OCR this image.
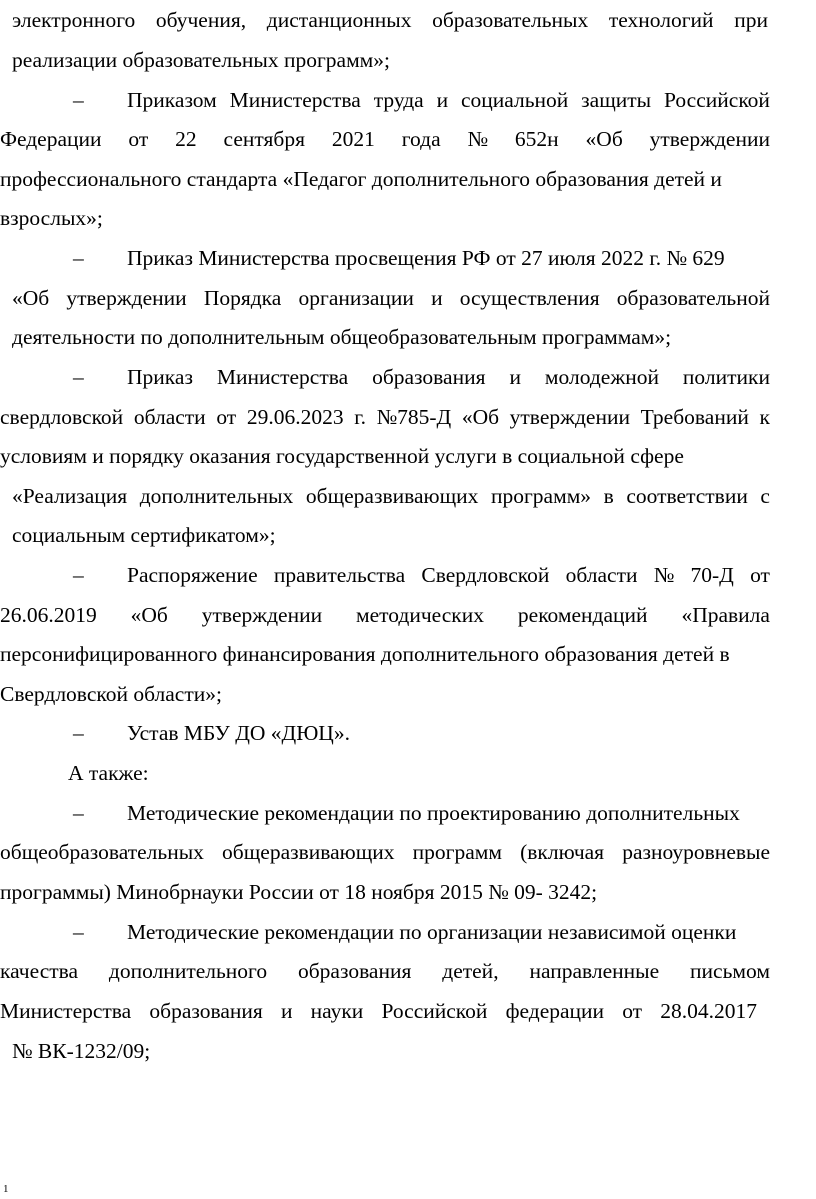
–
–
–
–
–
–
–
электронного обучения, дистанционных образовательных технологий при
реализации образовательных программ»;
Приказом Министерства труда и социальной защиты Российской
Федерации от 22 сентября 2021 года № 652н «Об утверждении
профессионального стандарта «Педагог дополнительного образования детей и
взрослых»;
Приказ Министерства просвещения РФ от 27 июля 2022 г. № 629
«Об утверждении Порядка организации и осуществления образовательной
деятельности по дополнительным общеобразовательным программам»;
Приказ Министерства образования и молодежной политики
свердловской области от 29.06.2023 г. №785-Д «Об утверждении Требований к
условиям и порядку оказания государственной услуги в социальной сфере
«Реализация дополнительных общеразвивающих программ» в соответствии с
социальным сертификатом»;
Распоряжение правительства Свердловской области № 70-Д от
26.06.2019 «Об утверждении методических рекомендаций «Правила
персонифицированного финансирования дополнительного образования детей в
Свердловской области»;
Устав МБУ ДО «ДЮЦ».
А также:
Методические рекомендации по проектированию дополнительных
общеобразовательных общеразвивающих программ (включая разноуровневые
программы) Минобрнауки России от 18 ноября 2015 № 09- 3242;
Методические рекомендации по организации независимой оценки
качества дополнительного образования детей, направленные письмом
Министерства образования и науки Российской федерации от 28.04.2017
№ ВК-1232/09;
1
